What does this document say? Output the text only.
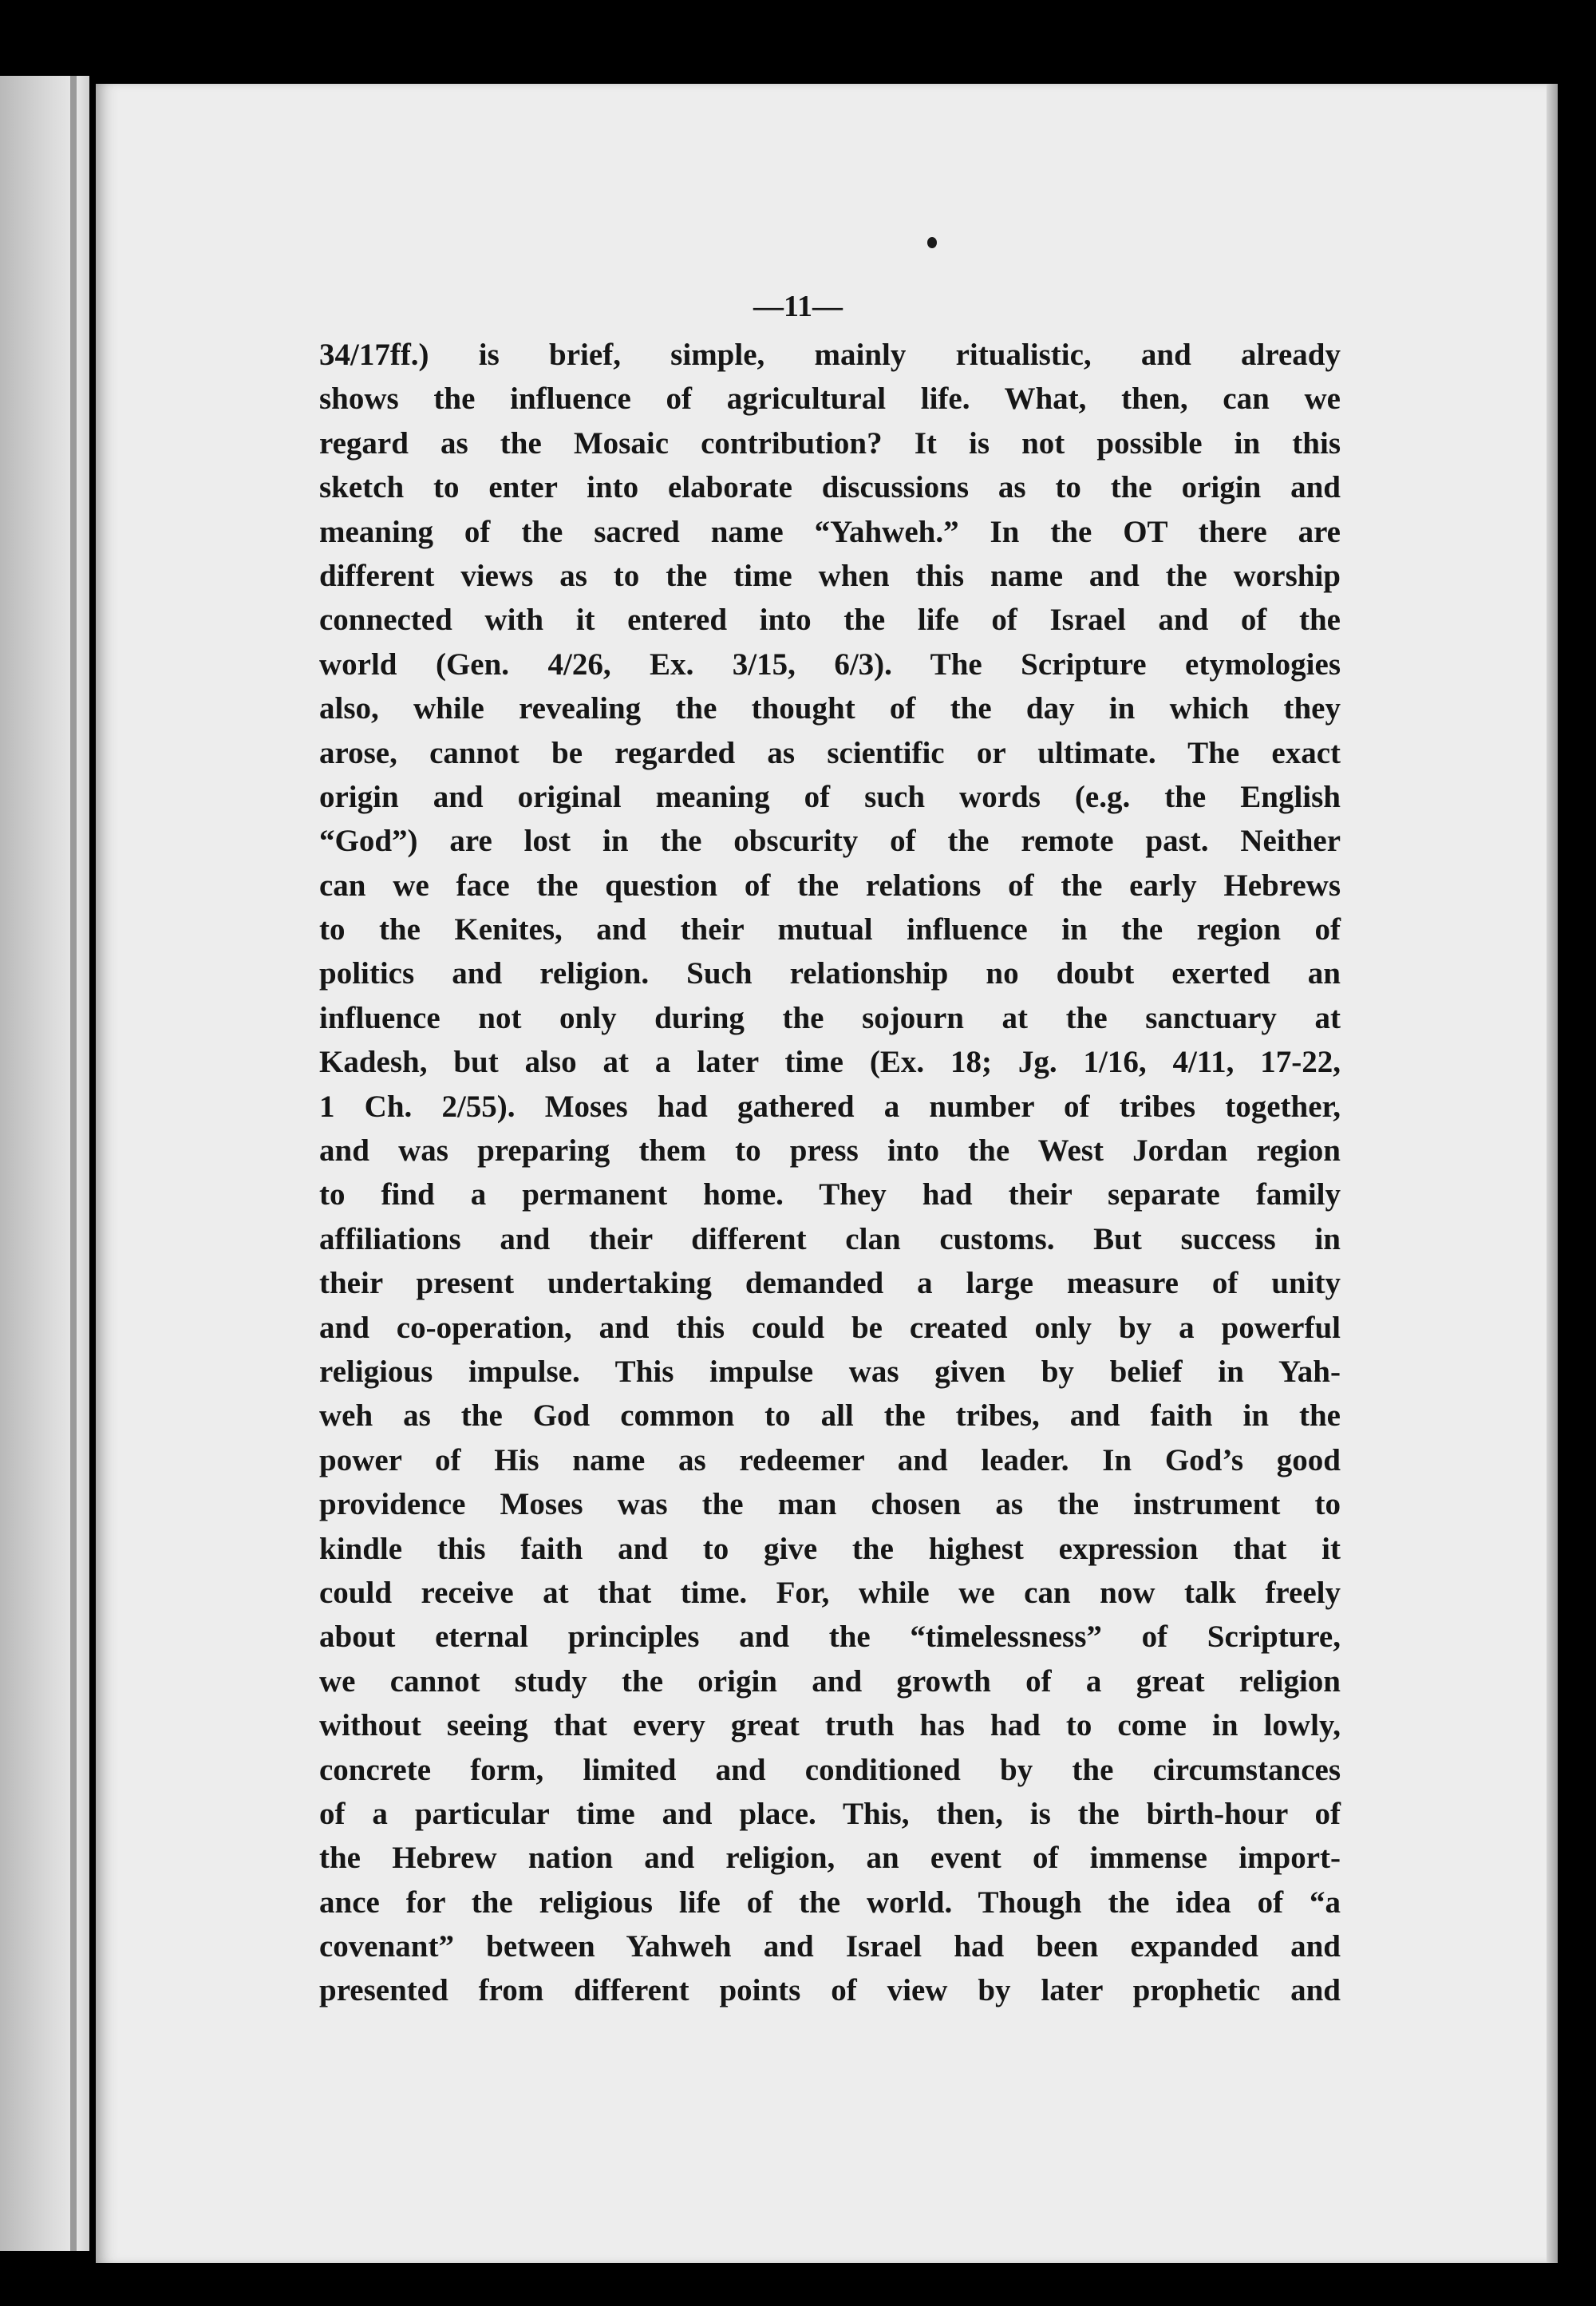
—11—
34/17ff.) is brief, simple, mainly ritualistic, and already
shows the influence of agricultural life. What, then, can we
regard as the Mosaic contribution? It is not possible in this
sketch to enter into elaborate discussions as to the origin and
meaning of the sacred name “Yahweh.” In the OT there are
different views as to the time when this name and the worship
connected with it entered into the life of Israel and of the
world (Gen. 4/26, Ex. 3/15, 6/3). The Scripture etymologies
also, while revealing the thought of the day in which they
arose, cannot be regarded as scientific or ultimate. The exact
origin and original meaning of such words (e.g. the English
“God”) are lost in the obscurity of the remote past. Neither
can we face the question of the relations of the early Hebrews
to the Kenites, and their mutual influence in the region of
politics and religion. Such relationship no doubt exerted an
influence not only during the sojourn at the sanctuary at
Kadesh, but also at a later time (Ex. 18; Jg. 1/16, 4/11, 17-22,
1 Ch. 2/55). Moses had gathered a number of tribes together,
and was preparing them to press into the West Jordan region
to find a permanent home. They had their separate family
affiliations and their different clan customs. But success in
their present undertaking demanded a large measure of unity
and co-operation, and this could be created only by a powerful
religious impulse. This impulse was given by belief in Yah-
weh as the God common to all the tribes, and faith in the
power of His name as redeemer and leader. In God’s good
providence Moses was the man chosen as the instrument to
kindle this faith and to give the highest expression that it
could receive at that time. For, while we can now talk freely
about eternal principles and the “timelessness” of Scripture,
we cannot study the origin and growth of a great religion
without seeing that every great truth has had to come in lowly,
concrete form, limited and conditioned by the circumstances
of a particular time and place. This, then, is the birth-hour of
the Hebrew nation and religion, an event of immense import-
ance for the religious life of the world. Though the idea of “a
covenant” between Yahweh and Israel had been expanded and
presented from different points of view by later prophetic and
